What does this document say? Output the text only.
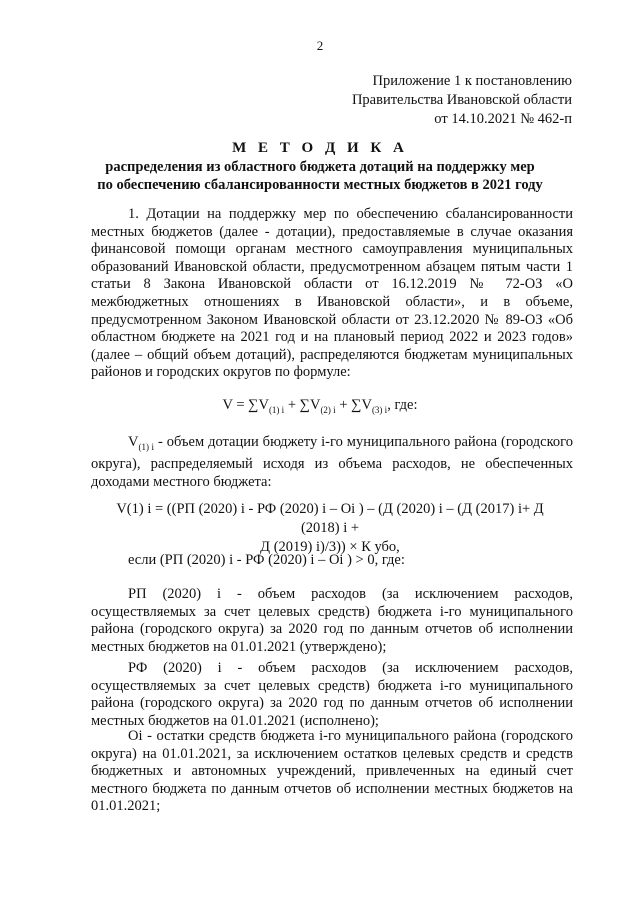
2
Приложение 1 к постановлению
Правительства Ивановской области
от 14.10.2021 № 462-п
М Е Т О Д И К А
распределения из областного бюджета дотаций на поддержку мер
по обеспечению сбалансированности местных бюджетов в 2021 году
1. Дотации на поддержку мер по обеспечению сбалансированности местных бюджетов (далее - дотации), предоставляемые в случае оказания финансовой помощи органам местного самоуправления муниципальных образований Ивановской области, предусмотренном абзацем пятым части 1 статьи 8 Закона Ивановской области от 16.12.2019 № 72-ОЗ «О межбюджетных отношениях в Ивановской области», и в объеме, предусмотренном Законом Ивановской области от 23.12.2020 № 89-ОЗ «Об областном бюджете на 2021 год и на плановый период 2022 и 2023 годов» (далее – общий объем дотаций), распределяются бюджетам муниципальных районов и городских округов по формуле:
$V = \sum V_{(1) i} + \sum V_{(2) i} + \sum V_{(3) i}$, где:
$V_{(1) i}$ - объем дотации бюджету i-го муниципального района (городского округа), распределяемый исходя из объема расходов, не обеспеченных доходами местного бюджета:
V(1) i = ((РП (2020) i - РФ (2020) i – Оi ) – (Д (2020) i – (Д (2017) i+ Д (2018) i +
Д (2019) i)/3)) × К убо,
если (РП (2020) i - РФ (2020) i – Оi ) > 0, где:
РП (2020) i - объем расходов (за исключением расходов, осуществляемых за счет целевых средств) бюджета i-го муниципального района (городского округа) за 2020 год по данным отчетов об исполнении местных бюджетов на 01.01.2021 (утверждено);
РФ (2020) i - объем расходов (за исключением расходов, осуществляемых за счет целевых средств) бюджета i-го муниципального района (городского округа) за 2020 год по данным отчетов об исполнении местных бюджетов на 01.01.2021 (исполнено);
Оi - остатки средств бюджета i-го муниципального района (городского округа) на 01.01.2021, за исключением остатков целевых средств и средств бюджетных и автономных учреждений, привлеченных на единый счет местного бюджета по данным отчетов об исполнении местных бюджетов на 01.01.2021;
